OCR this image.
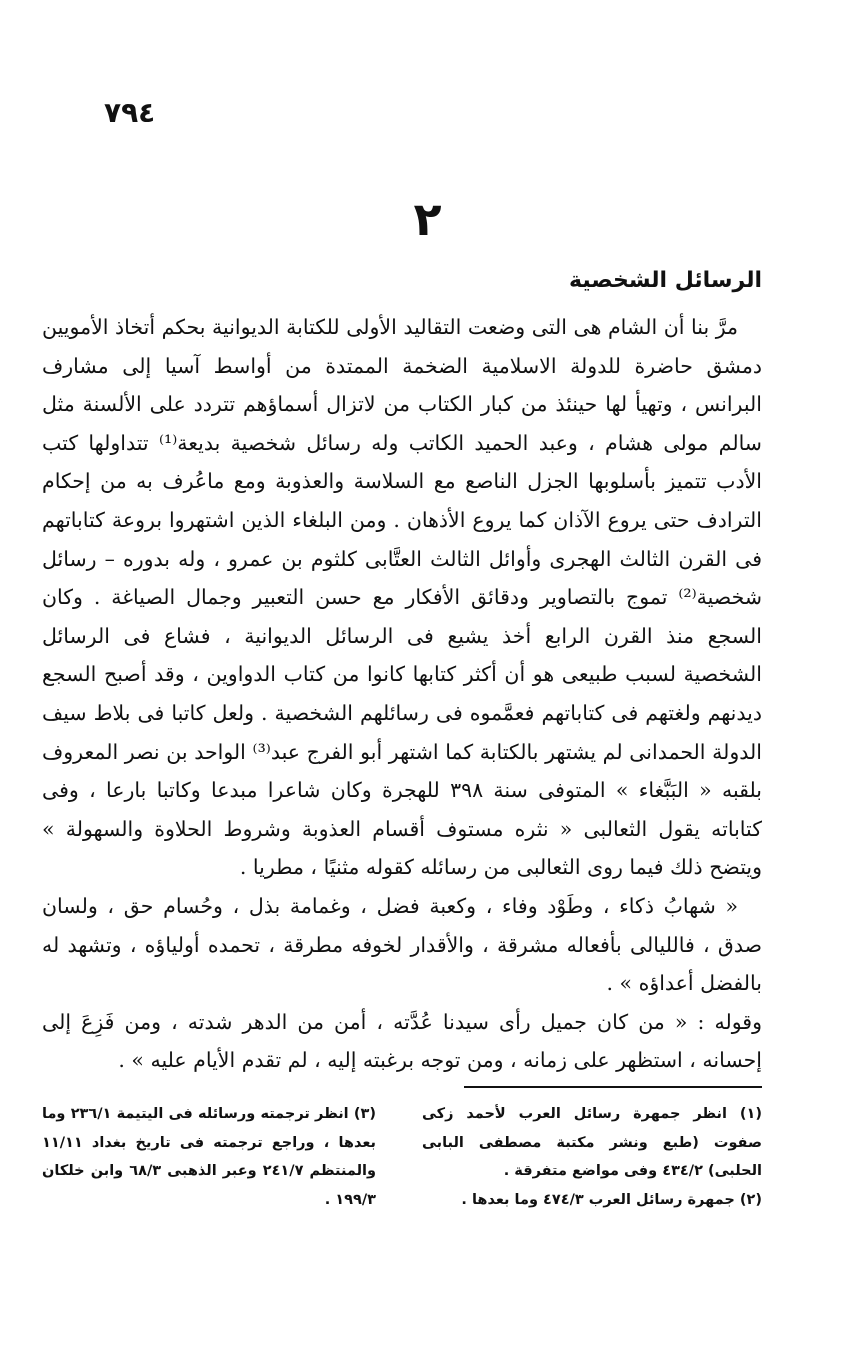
٧٩٤
٢
الرسائل الشخصية

مرَّ بنا أن الشام هى التى وضعت التقاليد الأولى للكتابة الديوانية بحكم أتخاذ الأمويين دمشق حاضرة للدولة الاسلامية الضخمة الممتدة من أواسط آسيا إلى مشارف البرانس ، وتهيأ لها حينئذ من كبار الكتاب من لاتزال أسماؤهم تتردد على الألسنة مثل سالم مولى هشام ، وعبد الحميد الكاتب وله رسائل شخصية بديعة⁽¹⁾ تتداولها كتب الأدب تتميز بأسلوبها الجزل الناصع مع السلاسة والعذوبة ومع ماعُرف به من إحكام الترادف حتى يروع الآذان كما يروع الأذهان . ومن البلغاء الذين اشتهروا بروعة كتاباتهم فى القرن الثالث الهجرى وأوائل الثالث العتَّابى كلثوم بن عمرو ، وله بدوره – رسائل شخصية⁽²⁾ تموج بالتصاوير ودقائق الأفكار مع حسن التعبير وجمال الصياغة . وكان السجع منذ القرن الرابع أخذ يشيع فى الرسائل الديوانية ، فشاع فى الرسائل الشخصية لسبب طبيعى هو أن أكثر كتابها كانوا من كتاب الدواوين ، وقد أصبح السجع ديدنهم ولغتهم فى كتاباتهم فعمَّموه فى رسائلهم الشخصية . ولعل كاتبا فى بلاط سيف الدولة الحمدانى لم يشتهر بالكتابة كما اشتهر أبو الفرج عبد⁽³⁾ الواحد بن نصر المعروف بلقبه « البَبَّغاء » المتوفى سنة ٣٩٨ للهجرة وكان شاعرا مبدعا وكاتبا بارعا ، وفى كتاباته يقول الثعالبى « نثره مستوف أقسام العذوبة وشروط الحلاوة والسهولة » ويتضح ذلك فيما روى الثعالبى من رسائله كقوله مثنيًا ، مطريا .

« شهابُ ذكاء ، وطَوْد وفاء ، وكعبة فضل ، وغمامة بذل ، وحُسام حق ، ولسان صدق ، فالليالى بأفعاله مشرقة ، والأقدار لخوفه مطرقة ، تحمده أولياؤه ، وتشهد له بالفضل أعداؤه » .

وقوله : « من كان جميل رأى سيدنا عُدَّته ، أمن من الدهر شدته ، ومن فَزِعَ إلى إحسانه ، استظهر على زمانه ، ومن توجه برغبته إليه ، لم تقدم الأيام عليه » .

(١) انظر جمهرة رسائل العرب لأحمد زكى صفوت (طبع ونشر مكتبة مصطفى البابى الحلبى) ٤٣٤/٢ وفى مواضع متفرقة .

(٢) جمهرة رسائل العرب ٤٧٤/٣ وما بعدها .

(٣) انظر ترجمته ورسائله فى اليتيمة ٢٣٦/١ وما بعدها ، وراجع ترجمته فى تاريخ بغداد ١١/١١ والمنتظم ٢٤١/٧ وعبر الذهبى ٦٨/٣ وابن خلكان ١٩٩/٣ .
